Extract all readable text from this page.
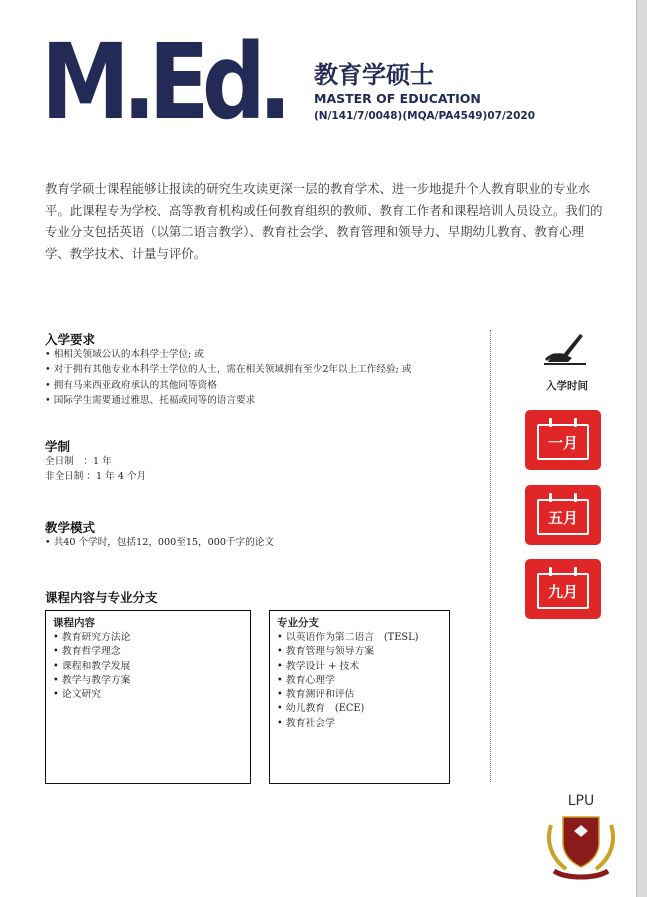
M.Ed. 教育学硕士
MASTER OF EDUCATION
(N/141/7/0048)(MQA/PA4549)07/2020
教育学硕士课程能够让报读的研究生攻读更深一层的教育学术、进一步地提升个人教育职业的专业水平。此课程专为学校、高等教育机构或任何教育组织的教师、教育工作者和课程培训人员设立。我们的专业分支包括英语（以第二语言教学）、教育社会学、教育管理和领导力、早期幼儿教育、教育心理学、教学技术、计量与评价。
入学要求
• 相相关领域公认的本科学士学位; 或
• 对于拥有其他专业本科学士学位的人士，需在相关领域拥有至少2年以上工作经验; 或
• 拥有马来西亚政府承认的其他同等资格
• 国际学生需要通过雅思、托福或同等的语言要求
学制
全日制　：1 年
非全日制 ：1 年 4 个月
教学模式
• 共40 个学时，包括12，000至15，000千字的论文
课程内容与专业分支
课程内容
• 教育研究方法论
• 教育哲学理念
• 课程和教学发展
• 教学与教学方案
• 论文研究
专业分支
• 以英语作为第二语言　(TESL)
• 教育管理与领导方案
• 教学设计 + 技术
• 教育心理学
• 教育测评和评估
• 幼儿教育　(ECE)
• 教育社会学
入学时间
一月
五月
九月
LPU
